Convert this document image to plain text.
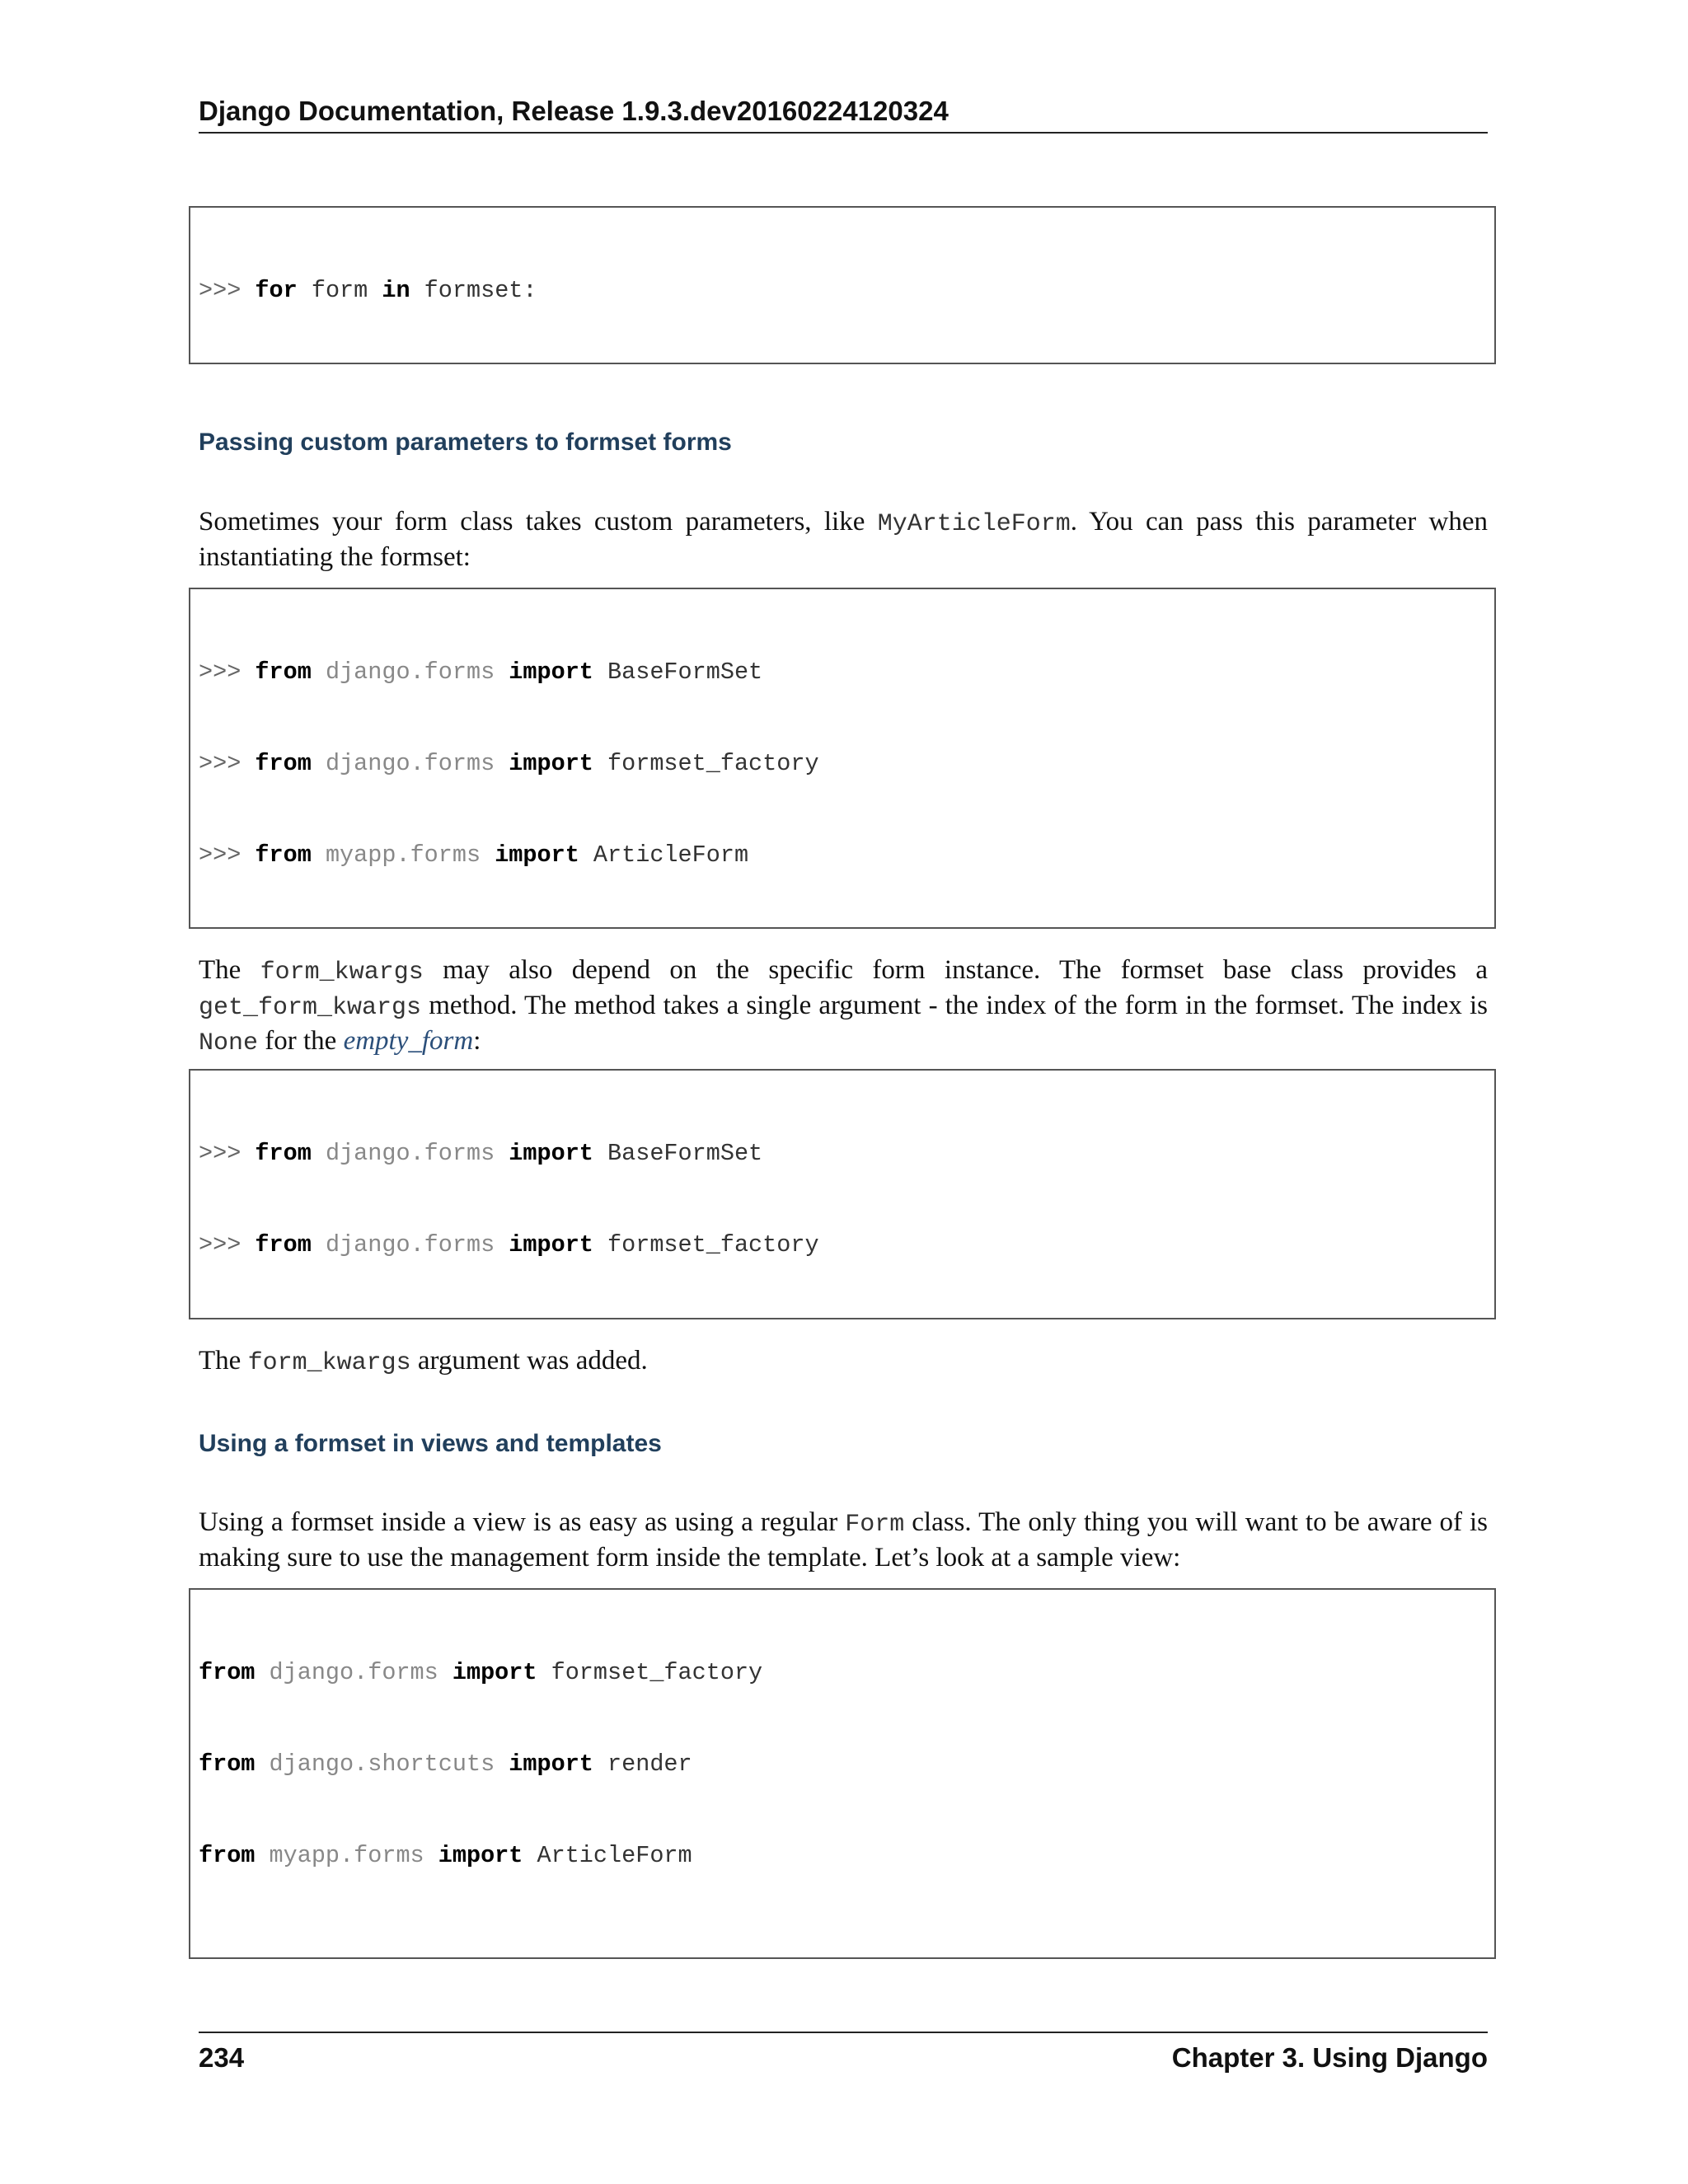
Django Documentation, Release 1.9.3.dev20160224120324

>>> for form in formset:

Passing custom parameters to formset forms
Sometimes your form class takes custom parameters, like MyArticleForm. You can pass this parameter when instantiating the formset:

>>> from django.forms import BaseFormSet

>>> from django.forms import formset_factory

>>> from myapp.forms import ArticleForm

The form_kwargs may also depend on the specific form instance. The formset base class provides a get_form_kwargs method. The method takes a single argument - the index of the form in the formset. The index is None for the empty_form:

>>> from django.forms import BaseFormSet

>>> from django.forms import formset_factory

The form_kwargs argument was added.
Using a formset in views and templates
Using a formset inside a view is as easy as using a regular Form class. The only thing you will want to be aware of is making sure to use the management form inside the template. Let’s look at a sample view:

from django.forms import formset_factory

from django.shortcuts import render

from myapp.forms import ArticleForm

234	Chapter 3. Using Django
